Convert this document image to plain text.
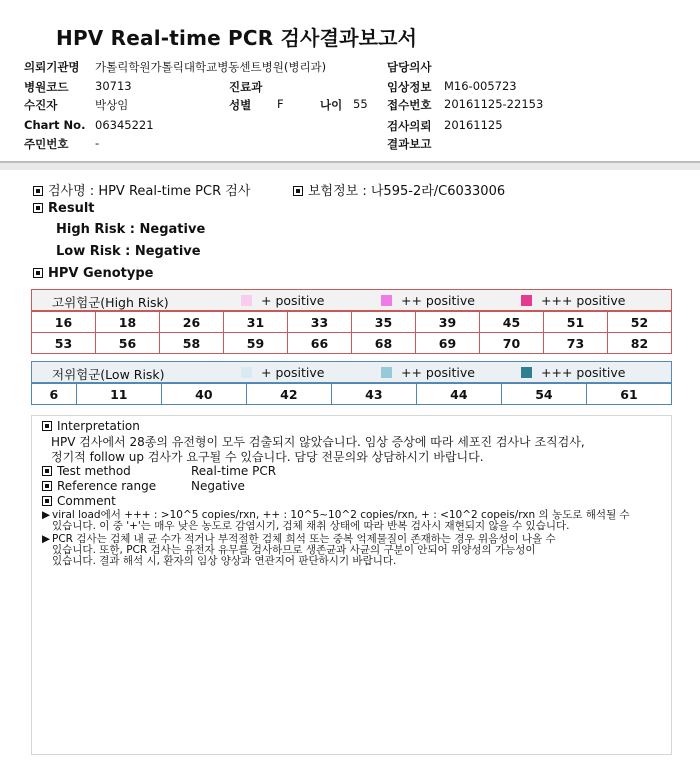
HPV Real-time PCR 검사결과보고서
의뢰기관명 가톨릭학원가톨릭대학교병동센트병원(병리과)	담당의사
병원코드 30713	진료과	임상정보 M16-005723
수진자	박상임	성별 F	나이 55 접수번호 20161125-22153
Chart No. 06345221	검사의뢰 20161125
주민번호 -	결과보고
검사명 : HPV Real-time PCR 검사	보험정보 : 나595-2라/C6033006
Result
High Risk : Negative
Low Risk : Negative
HPV Genotype
고위험군(High Risk)	+ positive	++ positive	+++ positive
16	18	26	31	33	35	39	45	51	52
53	56	58	59	66	68	69	70	73	82
저위험군(Low Risk)	+ positive	++ positive	+++ positive
6	11	40	42	43	44	54	61
Interpretation
HPV 검사에서 28종의 유전형이 모두 검출되지 않았습니다. 임상 증상에 따라 세포진 검사나 조직검사,
정기적 follow up 검사가 요구될 수 있습니다. 담당 전문의와 상담하시기 바랍니다.
Test method	Real-time PCR
Reference range	Negative
Comment
▶ viral load에서 +++ : >10^5 copies/rxn, ++ : 10^5~10^2 copies/rxn, + : <10^2 copeis/rxn 의 농도로 해석될 수
있습니다. 이 중 '+'는 매우 낮은 농도로 감염시기, 검체 채취 상태에 따라 반복 검사시 재현되지 않을 수 있습니다.
▶ PCR 검사는 검체 내 균 수가 적거나 부적절한 검체 희석 또는 중복 억제물질이 존재하는 경우 위음성이 나올 수
있습니다. 또한, PCR 검사는 유전자 유무를 검사하므로 생존균과 사균의 구분이 안되어 위양성의 가능성이
있습니다. 결과 해석 시, 환자의 임상 양상과 연관지어 판단하시기 바랍니다.
